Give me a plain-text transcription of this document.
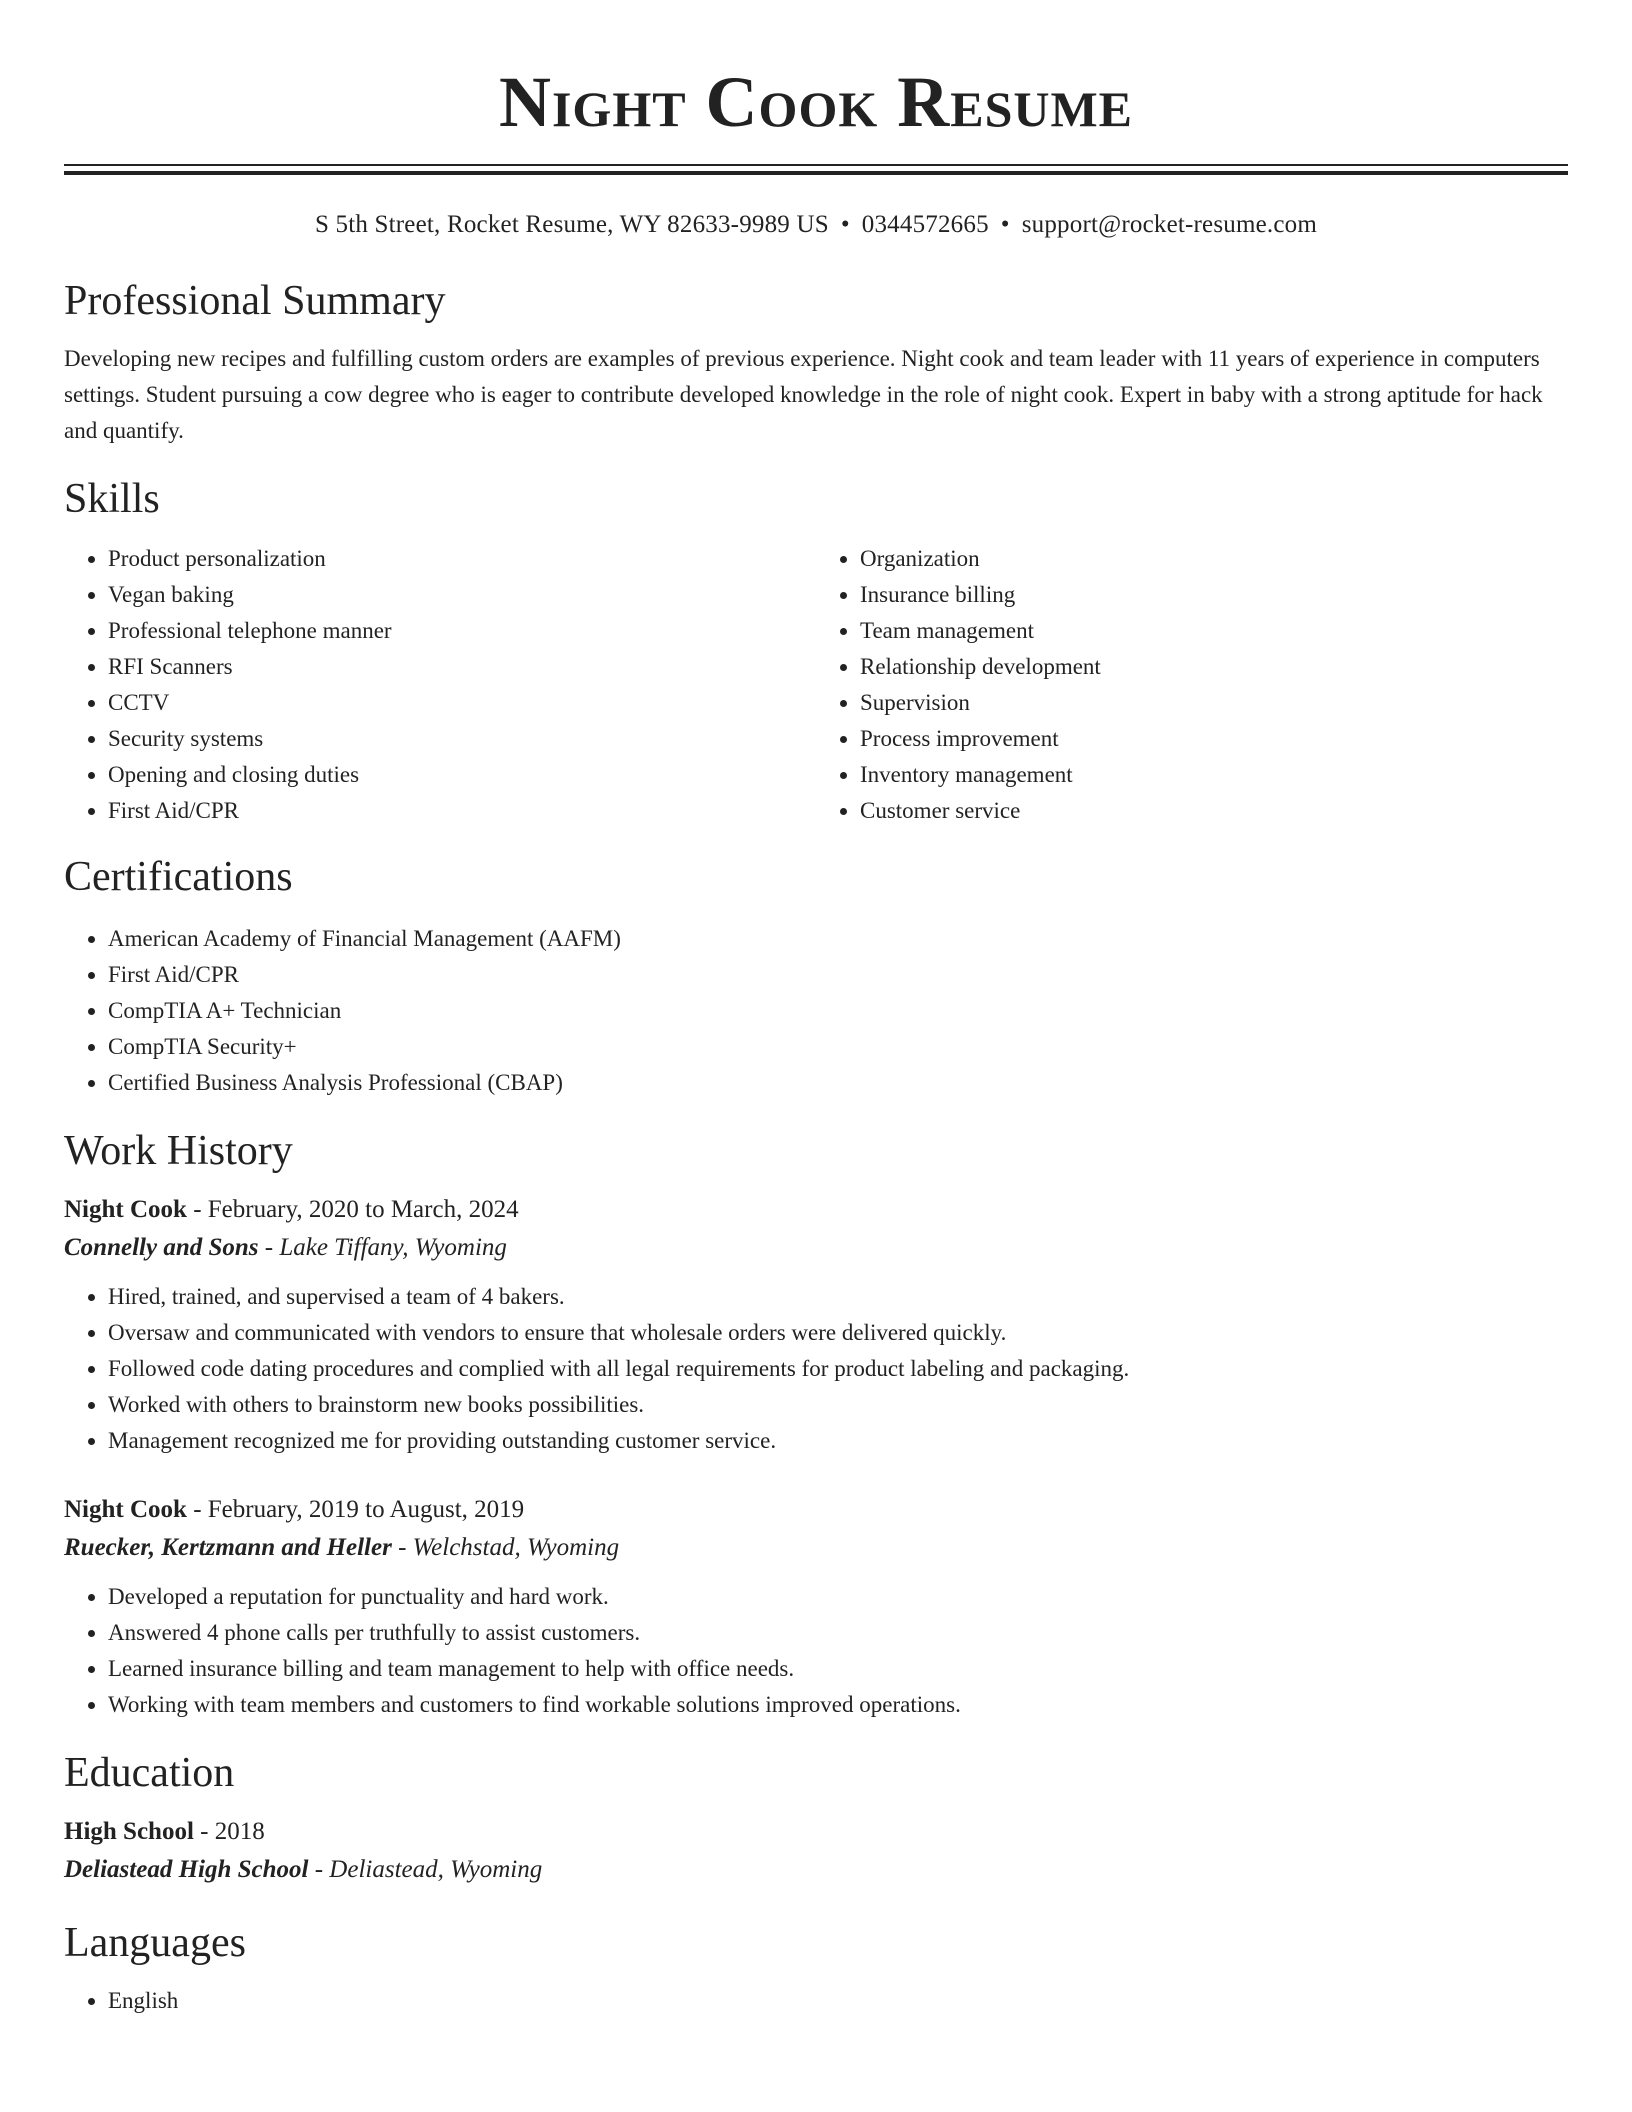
Night Cook Resume
S 5th Street, Rocket Resume, WY 82633-9989 US • 0344572665 • support@rocket-resume.com
Professional Summary

Developing new recipes and fulfilling custom orders are examples of previous experience. Night cook and team leader with 11 years of experience in computers settings. Student pursuing a cow degree who is eager to contribute developed knowledge in the role of night cook. Expert in baby with a strong aptitude for hack and quantify.

Skills
• Product personalization
• Vegan baking
• Professional telephone manner
• RFI Scanners
• CCTV
• Security systems
• Opening and closing duties
• First Aid/CPR
• Organization
• Insurance billing
• Team management
• Relationship development
• Supervision
• Process improvement
• Inventory management
• Customer service
Certifications
• American Academy of Financial Management (AAFM)
• First Aid/CPR
• CompTIA A+ Technician
• CompTIA Security+
• Certified Business Analysis Professional (CBAP)
Work History
Night Cook - February, 2020 to March, 2024
Connelly and Sons - Lake Tiffany, Wyoming
• Hired, trained, and supervised a team of 4 bakers.
• Oversaw and communicated with vendors to ensure that wholesale orders were delivered quickly.
• Followed code dating procedures and complied with all legal requirements for product labeling and packaging.
• Worked with others to brainstorm new books possibilities.
• Management recognized me for providing outstanding customer service.
Night Cook - February, 2019 to August, 2019
Ruecker, Kertzmann and Heller - Welchstad, Wyoming
• Developed a reputation for punctuality and hard work.
• Answered 4 phone calls per truthfully to assist customers.
• Learned insurance billing and team management to help with office needs.
• Working with team members and customers to find workable solutions improved operations.
Education
High School - 2018
Deliastead High School - Deliastead, Wyoming
Languages
• English
